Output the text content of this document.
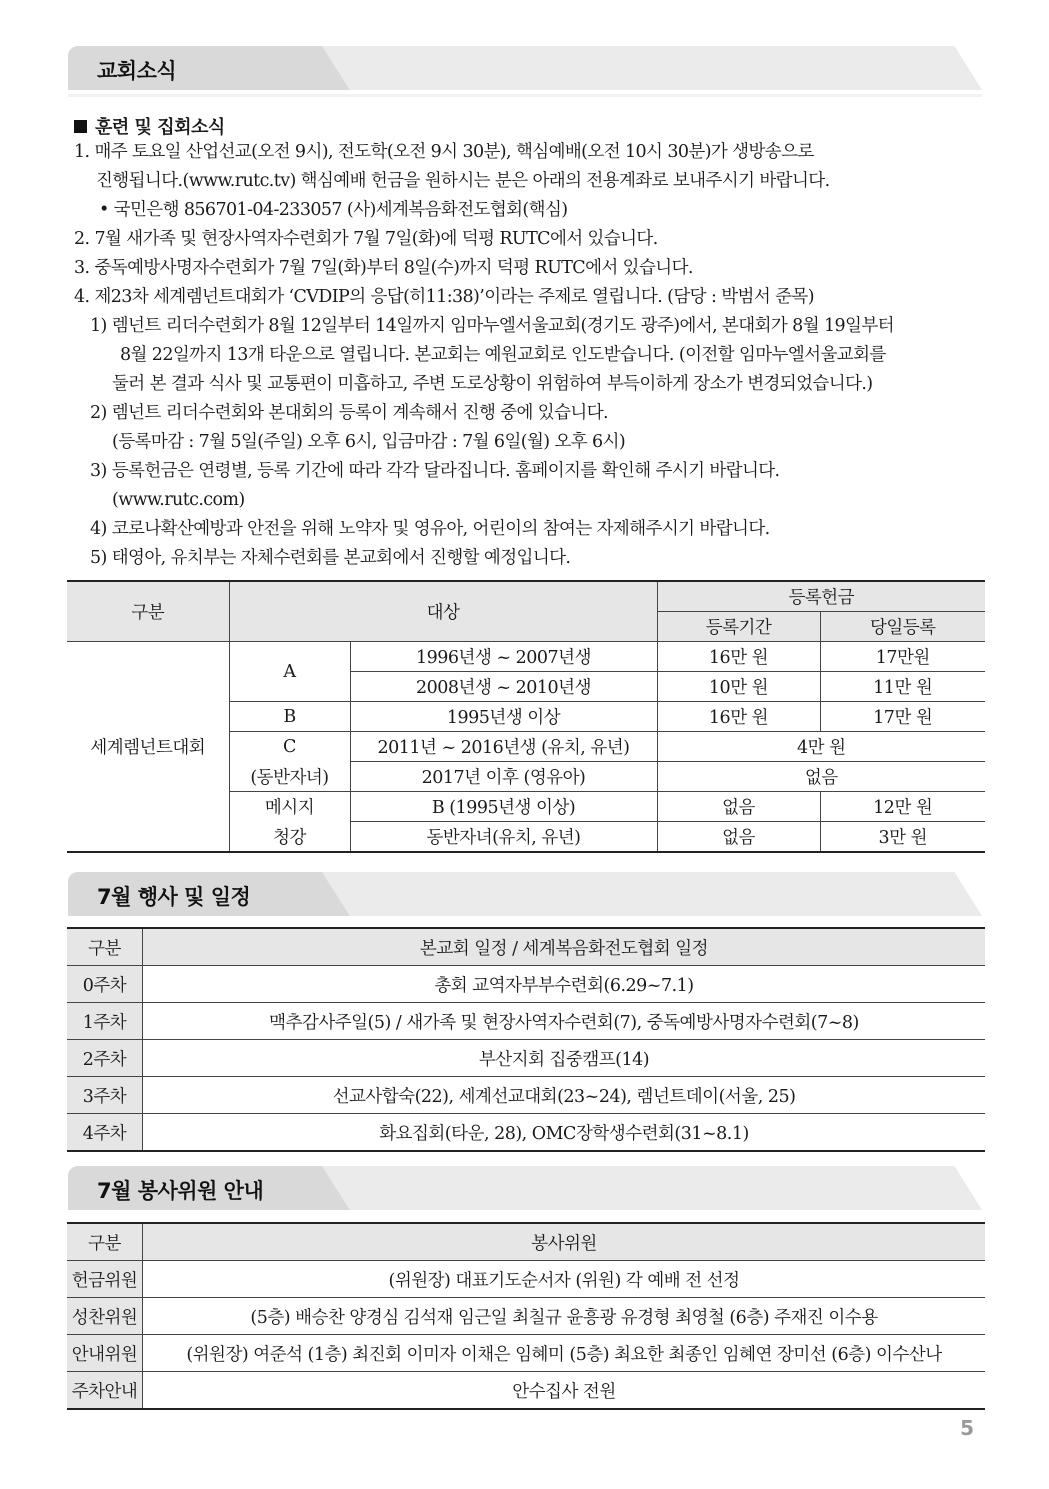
교회소식
훈련 및 집회소식
1. 매주 토요일 산업선교(오전 9시), 전도학(오전 9시 30분), 핵심예배(오전 10시 30분)가 생방송으로
진행됩니다.(www.rutc.tv) 핵심예배 헌금을 원하시는 분은 아래의 전용계좌로 보내주시기 바랍니다.
• 국민은행 856701-04-233057 (사)세계복음화전도협회(핵심)
2. 7월 새가족 및 현장사역자수련회가 7월 7일(화)에 덕평 RUTC에서 있습니다.
3. 중독예방사명자수련회가 7월 7일(화)부터 8일(수)까지 덕평 RUTC에서 있습니다.
4. 제23차 세계렘넌트대회가 ‘CVDIP의 응답(히11:38)’이라는 주제로 열립니다. (담당 : 박범서 준목)
1) 렘넌트 리더수련회가 8월 12일부터 14일까지 임마누엘서울교회(경기도 광주)에서, 본대회가 8월 19일부터
8월 22일까지 13개 타운으로 열립니다. 본교회는 예원교회로 인도받습니다. (이전할 임마누엘서울교회를
둘러 본 결과 식사 및 교통편이 미흡하고, 주변 도로상황이 위험하여 부득이하게 장소가 변경되었습니다.)
2) 렘넌트 리더수련회와 본대회의 등록이 계속해서 진행 중에 있습니다.
(등록마감 : 7월 5일(주일) 오후 6시, 입금마감 : 7월 6일(월) 오후 6시)
3) 등록헌금은 연령별, 등록 기간에 따라 각각 달라집니다. 홈페이지를 확인해 주시기 바랍니다.
(www.rutc.com)
4) 코로나확산예방과 안전을 위해 노약자 및 영유아, 어린이의 참여는 자제해주시기 바랍니다.
5) 태영아, 유치부는 자체수련회를 본교회에서 진행할 예정입니다.
구분	대상		등록헌금	
			등록기간	당일등록
세계렘넌트대회	A	1996년생 ~ 2007년생	16만 원	17만원
		2008년생 ~ 2010년생	10만 원	11만 원
	B	1995년생 이상	16만 원	17만 원
	C	2011년 ~ 2016년생 (유치, 유년)	4만 원	
	(동반자녀)	2017년 이후 (영유아)	없음	
	메시지	B (1995년생 이상)	없음	12만 원
	청강	동반자녀(유치, 유년)	없음	3만 원
7월 행사 및 일정
구분	본교회 일정 / 세계복음화전도협회 일정
0주차	총회 교역자부부수련회(6.29~7.1)
1주차	맥추감사주일(5) / 새가족 및 현장사역자수련회(7), 중독예방사명자수련회(7~8)
2주차	부산지회 집중캠프(14)
3주차	선교사합숙(22), 세계선교대회(23~24), 렘넌트데이(서울, 25)
4주차	화요집회(타운, 28), OMC장학생수련회(31~8.1)
7월 봉사위원 안내
구분	봉사위원
헌금위원	(위원장) 대표기도순서자 (위원) 각 예배 전 선정
성찬위원	(5층) 배승찬 양경심 김석재 임근일 최칠규 윤흥광 유경형 최영철 (6층) 주재진 이수용
안내위원	(위원장) 여준석 (1층) 최진회 이미자 이채은 임혜미 (5층) 최요한 최종인 임혜연 장미선 (6층) 이수산나
주차안내	안수집사 전원
5
